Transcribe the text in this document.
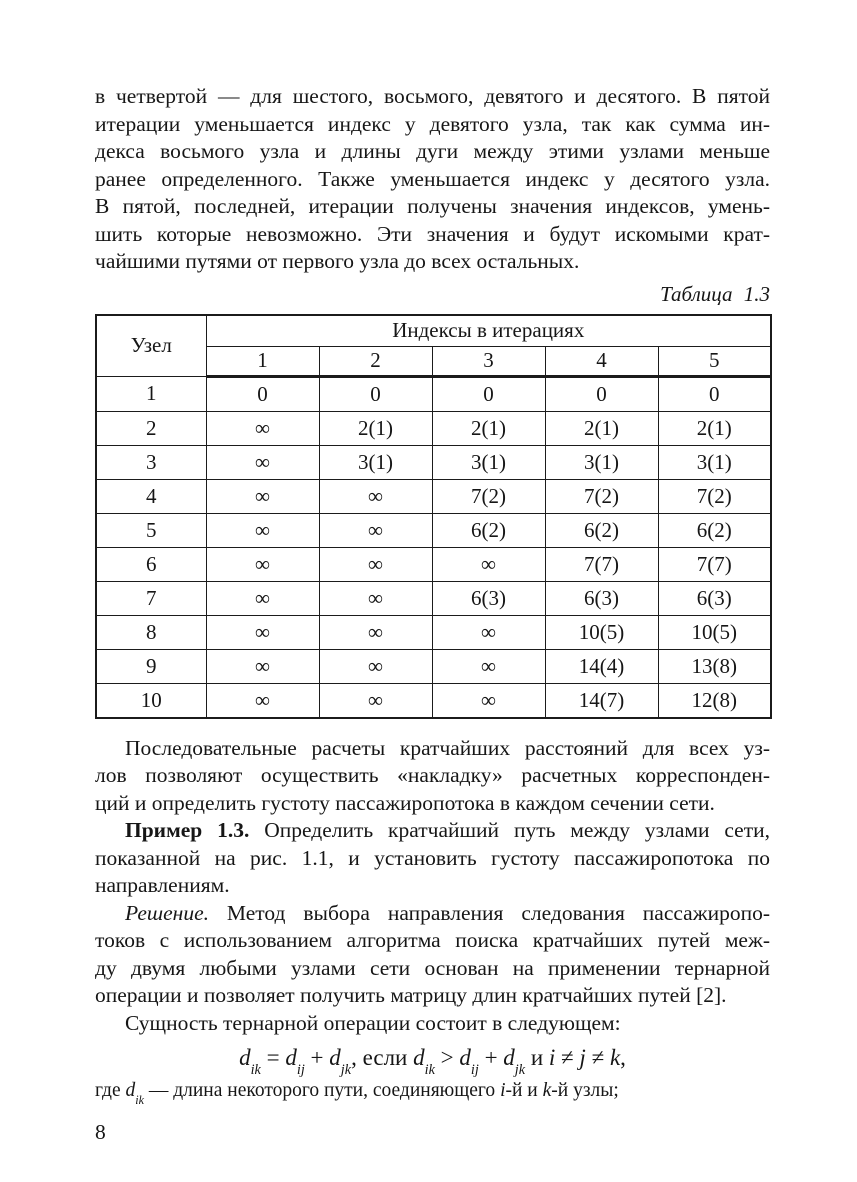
в четвертой — для шестого, восьмого, девятого и десятого. В пятой
итерации уменьшается индекс у девятого узла, так как сумма ин-
декса восьмого узла и длины дуги между этими узлами меньше
ранее определенного. Также уменьшается индекс у десятого узла.
В пятой, последней, итерации получены значения индексов, умень-
шить которые невозможно. Эти значения и будут искомыми крат-
чайшими путями от первого узла до всех остальных.
Таблица 1.3
Узел	Индексы в итерациях				
	1	2	3	4	5
1	0	0	0	0	0
2	∞	2(1)	2(1)	2(1)	2(1)
3	∞	3(1)	3(1)	3(1)	3(1)
4	∞	∞	7(2)	7(2)	7(2)
5	∞	∞	6(2)	6(2)	6(2)
6	∞	∞	∞	7(7)	7(7)
7	∞	∞	6(3)	6(3)	6(3)
8	∞	∞	∞	10(5)	10(5)
9	∞	∞	∞	14(4)	13(8)
10	∞	∞	∞	14(7)	12(8)
Последовательные расчеты кратчайших расстояний для всех уз-
лов позволяют осуществить «накладку» расчетных корреспонден-
ций и определить густоту пассажиропотока в каждом сечении сети.
Пример 1.3. Определить кратчайший путь между узлами сети,
показанной на рис. 1.1, и установить густоту пассажиропотока по
направлениям.
Решение. Метод выбора направления следования пассажиропо-
токов с использованием алгоритма поиска кратчайших путей меж-
ду двумя любыми узлами сети основан на применении тернарной
операции и позволяет получить матрицу длин кратчайших путей [2].
Сущность тернарной операции состоит в следующем:
$d_{ik} = d_{ij} + d_{jk}$, если $d_{ik} > d_{ij} + d_{jk}$ и i ≠ j ≠ k,
где $d_{ik}$ — длина некоторого пути, соединяющего i-й и k-й узлы;
8
